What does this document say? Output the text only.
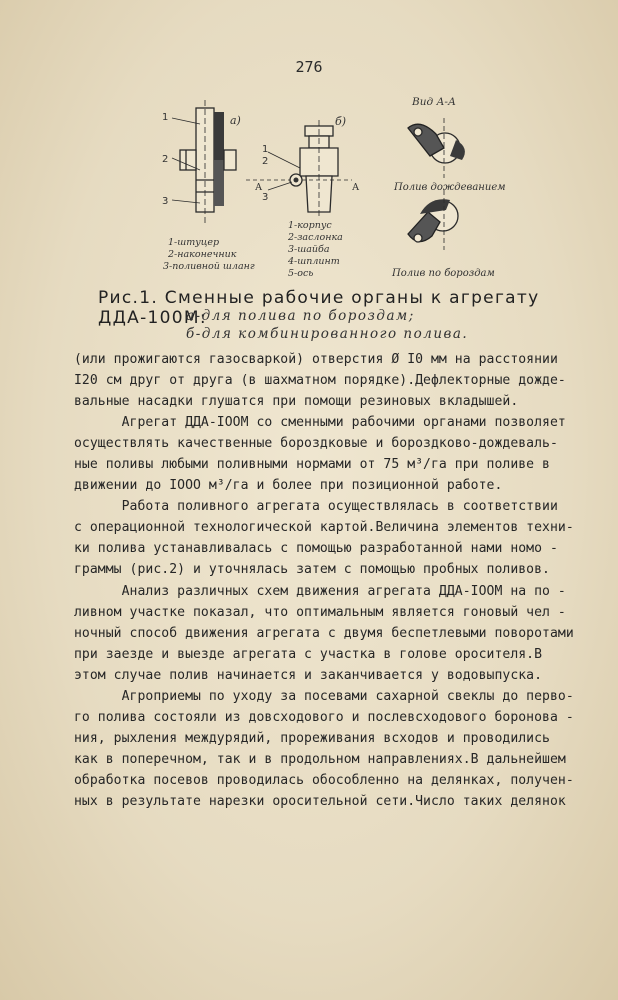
276
1
2
3
a)
1
2
3
А	А
б)
Вид А-А
Полив дождеванием
Полив по бороздам
1-штуцер
2-наконечник
3-поливной шланг
1-корпус
2-заслонка
3-шайба
4-шплинт
5-ось
Рис.1. Сменные рабочие органы к агрегату ДДА-100М:
а-для полива по бороздам;
б-для комбинированного полива.
(или прожигаются газосваркой) отверстия Ø I0 мм на расстоянии
I20 см друг от друга (в шахматном порядке).Дефлекторные дожде-
вальные насадки глушатся при помощи резиновых вкладышей.
Агрегат ДДА-IООМ со сменными рабочими органами позволяет
осуществлять качественные бороздковые и бороздково-дождеваль-
ные поливы любыми поливными нормами от 75 м³/га при поливе в
движении до IООО м³/га и более при позиционной работе.
Работа поливного агрегата осуществлялась в соответствии
с операционной технологической картой.Величина элементов техни-
ки полива устанавливалась с помощью разработанной нами номо -
граммы (рис.2) и уточнялась затем с помощью пробных поливов.
Анализ различных схем движения агрегата ДДА-IООМ на по -
ливном участке показал, что оптимальным является гоновый чел -
ночный способ движения агрегата с двумя беспетлевыми поворотами
при заезде и выезде агрегата с участка в голове оросителя.В
этом случае полив начинается и заканчивается у водовыпуска.
Агроприемы по уходу за посевами сахарной свеклы до перво-
го полива состояли из довсходового и послевсходового боронова -
ния, рыхления междурядий, прореживания всходов и проводились
как в поперечном, так и в продольном направлениях.В дальнейшем
обработка посевов проводилась обособленно на делянках, получен-
ных в результате нарезки оросительной сети.Число таких делянок
